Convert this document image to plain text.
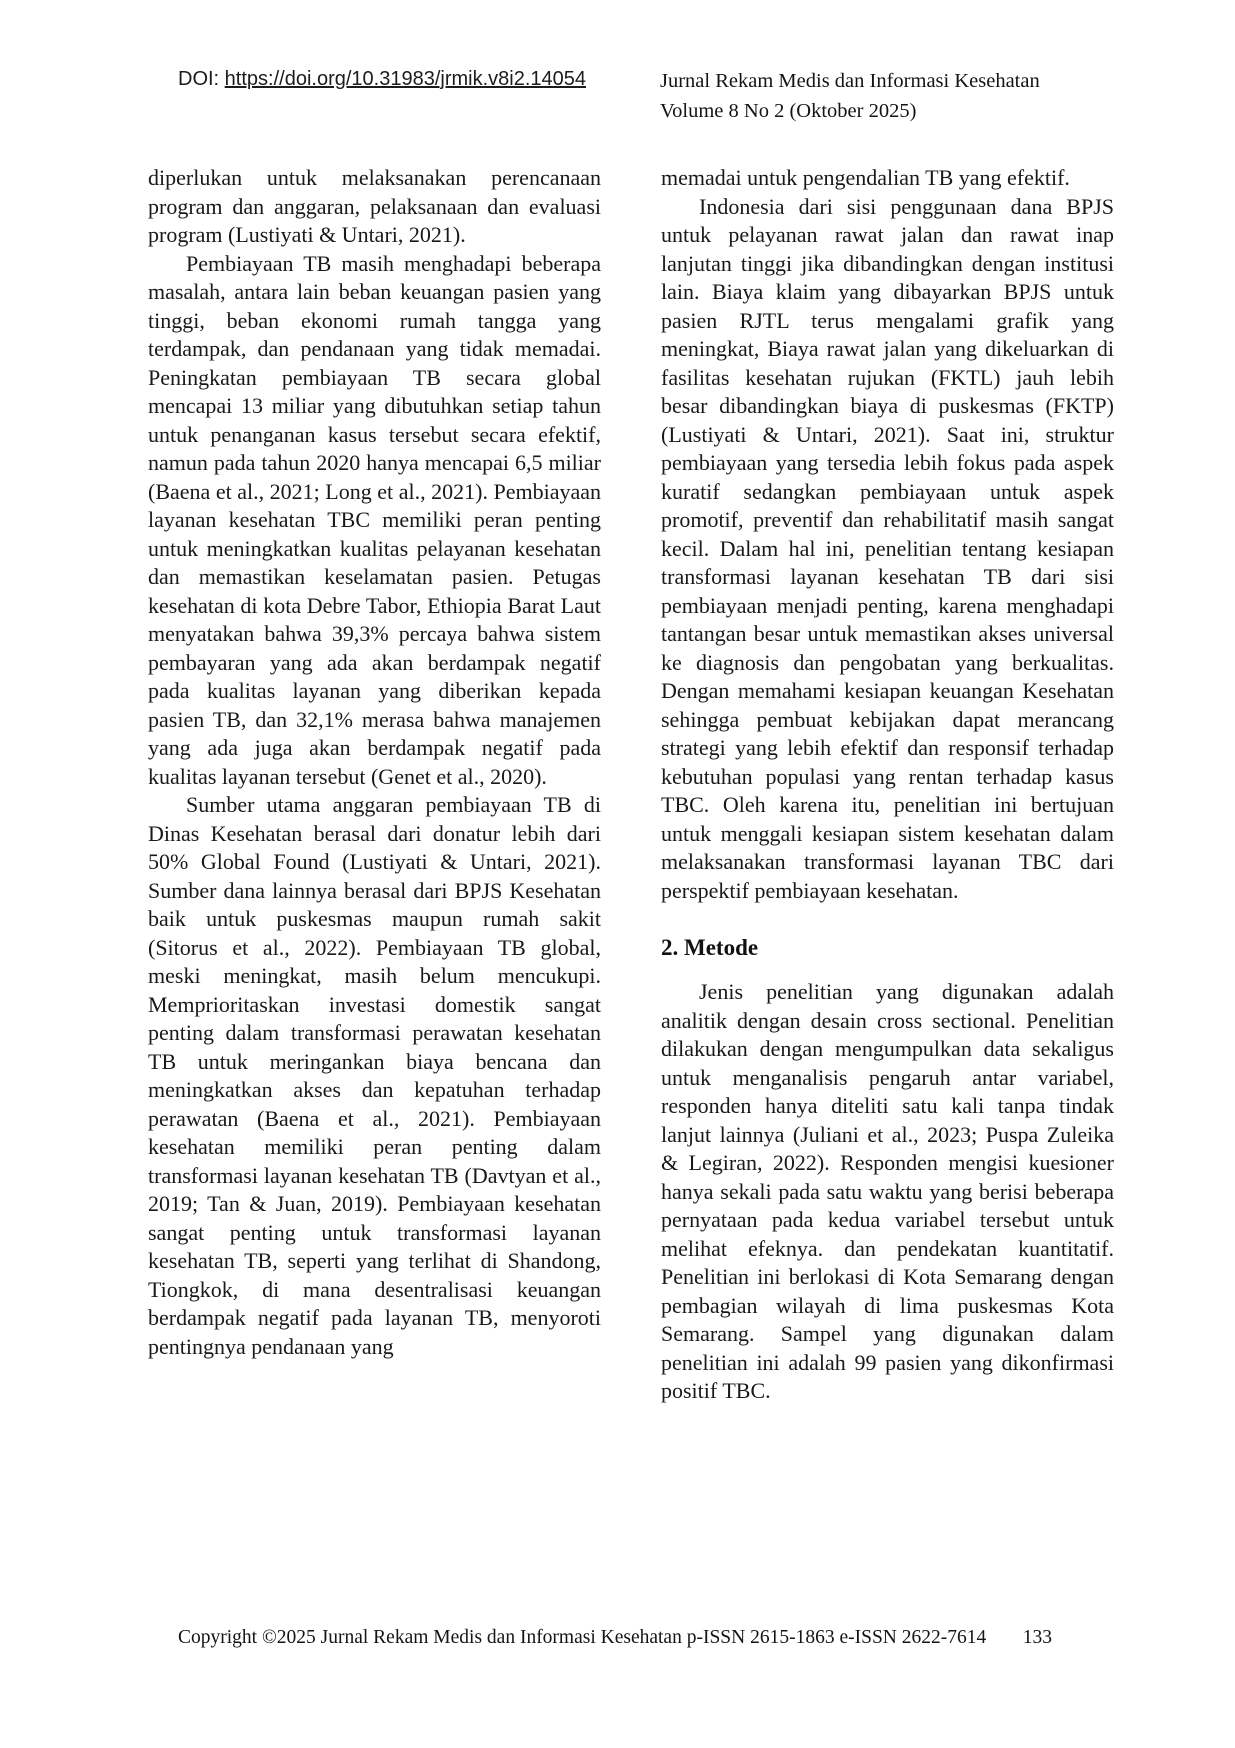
DOI: https://doi.org/10.31983/jrmik.v8i2.14054	Jurnal Rekam Medis dan Informasi Kesehatan
Volume 8 No 2 (Oktober 2025)

diperlukan untuk melaksanakan perencanaan program dan anggaran, pelaksanaan dan evaluasi program (Lustiyati & Untari, 2021).

Pembiayaan TB masih menghadapi beberapa masalah, antara lain beban keuangan pasien yang tinggi, beban ekonomi rumah tangga yang terdampak, dan pendanaan yang tidak memadai. Peningkatan pembiayaan TB secara global mencapai 13 miliar yang dibutuhkan setiap tahun untuk penanganan kasus tersebut secara efektif, namun pada tahun 2020 hanya mencapai 6,5 miliar (Baena et al., 2021; Long et al., 2021). Pembiayaan layanan kesehatan TBC memiliki peran penting untuk meningkatkan kualitas pelayanan kesehatan dan memastikan keselamatan pasien. Petugas kesehatan di kota Debre Tabor, Ethiopia Barat Laut menyatakan bahwa 39,3% percaya bahwa sistem pembayaran yang ada akan berdampak negatif pada kualitas layanan yang diberikan kepada pasien TB, dan 32,1% merasa bahwa manajemen yang ada juga akan berdampak negatif pada kualitas layanan tersebut (Genet et al., 2020).

Sumber utama anggaran pembiayaan TB di Dinas Kesehatan berasal dari donatur lebih dari 50% Global Found (Lustiyati & Untari, 2021). Sumber dana lainnya berasal dari BPJS Kesehatan baik untuk puskesmas maupun rumah sakit (Sitorus et al., 2022). Pembiayaan TB global, meski meningkat, masih belum mencukupi. Memprioritaskan investasi domestik sangat penting dalam transformasi perawatan kesehatan TB untuk meringankan biaya bencana dan meningkatkan akses dan kepatuhan terhadap perawatan (Baena et al., 2021). Pembiayaan kesehatan memiliki peran penting dalam transformasi layanan kesehatan TB (Davtyan et al., 2019; Tan & Juan, 2019). Pembiayaan kesehatan sangat penting untuk transformasi layanan kesehatan TB, seperti yang terlihat di Shandong, Tiongkok, di mana desentralisasi keuangan berdampak negatif pada layanan TB, menyoroti pentingnya pendanaan yang

memadai untuk pengendalian TB yang efektif.

Indonesia dari sisi penggunaan dana BPJS untuk pelayanan rawat jalan dan rawat inap lanjutan tinggi jika dibandingkan dengan institusi lain. Biaya klaim yang dibayarkan BPJS untuk pasien RJTL terus mengalami grafik yang meningkat, Biaya rawat jalan yang dikeluarkan di fasilitas kesehatan rujukan (FKTL) jauh lebih besar dibandingkan biaya di puskesmas (FKTP) (Lustiyati & Untari, 2021). Saat ini, struktur pembiayaan yang tersedia lebih fokus pada aspek kuratif sedangkan pembiayaan untuk aspek promotif, preventif dan rehabilitatif masih sangat kecil. Dalam hal ini, penelitian tentang kesiapan transformasi layanan kesehatan TB dari sisi pembiayaan menjadi penting, karena menghadapi tantangan besar untuk memastikan akses universal ke diagnosis dan pengobatan yang berkualitas. Dengan memahami kesiapan keuangan Kesehatan sehingga pembuat kebijakan dapat merancang strategi yang lebih efektif dan responsif terhadap kebutuhan populasi yang rentan terhadap kasus TBC. Oleh karena itu, penelitian ini bertujuan untuk menggali kesiapan sistem kesehatan dalam melaksanakan transformasi layanan TBC dari perspektif pembiayaan kesehatan.

2. Metode

Jenis penelitian yang digunakan adalah analitik dengan desain cross sectional. Penelitian dilakukan dengan mengumpulkan data sekaligus untuk menganalisis pengaruh antar variabel, responden hanya diteliti satu kali tanpa tindak lanjut lainnya (Juliani et al., 2023; Puspa Zuleika & Legiran, 2022). Responden mengisi kuesioner hanya sekali pada satu waktu yang berisi beberapa pernyataan pada kedua variabel tersebut untuk melihat efeknya. dan pendekatan kuantitatif. Penelitian ini berlokasi di Kota Semarang dengan pembagian wilayah di lima puskesmas Kota Semarang. Sampel yang digunakan dalam penelitian ini adalah 99 pasien yang dikonfirmasi positif TBC.

Copyright ©2025 Jurnal Rekam Medis dan Informasi Kesehatan p-ISSN 2615-1863 e-ISSN 2622-7614 133
